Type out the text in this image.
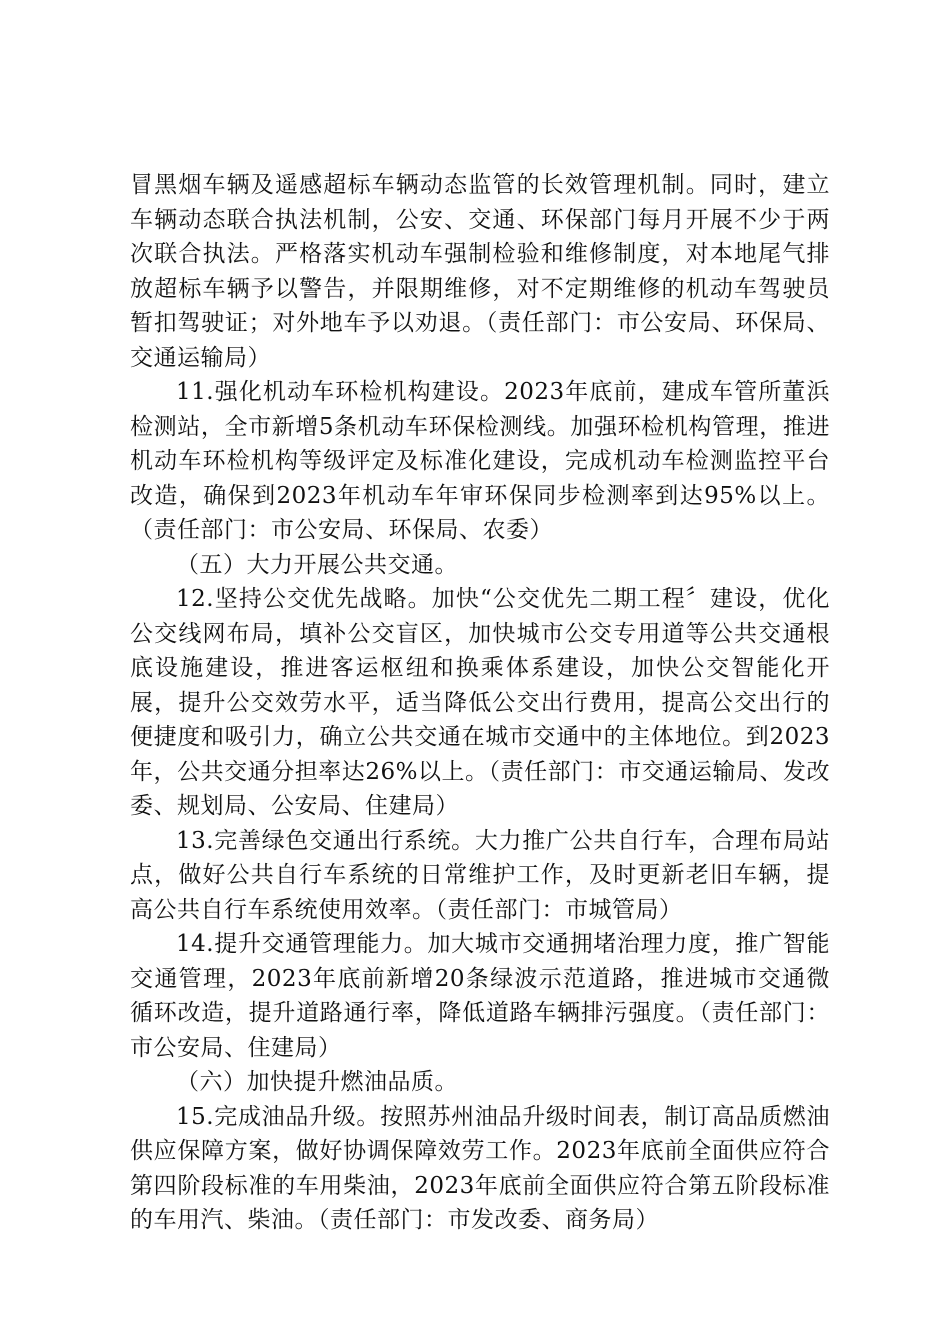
冒黑烟车辆及遥感超标车辆动态监管的长效管理机制。同时，建立车辆动态联合执法机制，公安、交通、环保部门每月开展不少于两次联合执法。严格落实机动车强制检验和维修制度，对本地尾气排放超标车辆予以警告，并限期维修，对不定期维修的机动车驾驶员暂扣驾驶证；对外地车予以劝退。（责任部门：市公安局、环保局、交通运输局）

11.强化机动车环检机构建设。2023年底前，建成车管所董浜检测站，全市新增5条机动车环保检测线。加强环检机构管理，推进机动车环检机构等级评定及标准化建设，完成机动车检测监控平台改造，确保到2023年机动车年审环保同步检测率到达95%以上。（责任部门：市公安局、环保局、农委）

（五）大力开展公共交通。

12.坚持公交优先战略。加快“公交优先二期工程〞建设，优化公交线网布局，填补公交盲区，加快城市公交专用道等公共交通根底设施建设，推进客运枢纽和换乘体系建设，加快公交智能化开展，提升公交效劳水平，适当降低公交出行费用，提高公交出行的便捷度和吸引力，确立公共交通在城市交通中的主体地位。到2023年，公共交通分担率达26%以上。（责任部门：市交通运输局、发改委、规划局、公安局、住建局）

13.完善绿色交通出行系统。大力推广公共自行车，合理布局站点，做好公共自行车系统的日常维护工作，及时更新老旧车辆，提高公共自行车系统使用效率。（责任部门：市城管局）

14.提升交通管理能力。加大城市交通拥堵治理力度，推广智能交通管理，2023年底前新增20条绿波示范道路，推进城市交通微循环改造，提升道路通行率，降低道路车辆排污强度。（责任部门：市公安局、住建局）

（六）加快提升燃油品质。

15.完成油品升级。按照苏州油品升级时间表，制订高品质燃油供应保障方案，做好协调保障效劳工作。2023年底前全面供应符合第四阶段标准的车用柴油，2023年底前全面供应符合第五阶段标准的车用汽、柴油。（责任部门：市发改委、商务局）
